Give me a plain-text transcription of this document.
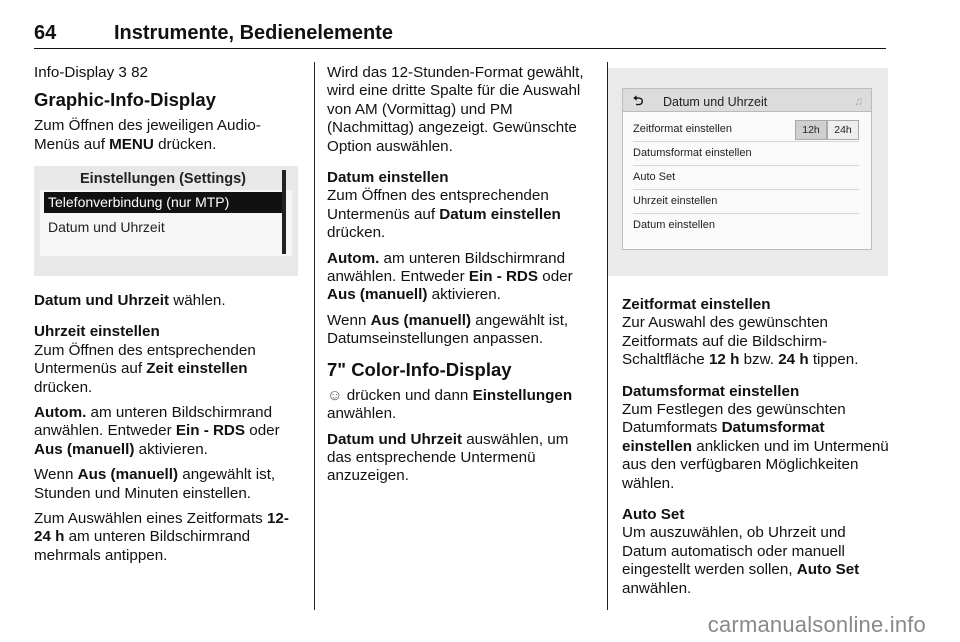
64	Instrumente, Bedienelemente

Info-Display 3 82

Graphic-Info-Display

Zum Öffnen des jeweiligen Audio-Menüs auf MENU drücken.

Einstellungen (Settings)
Telefonverbindung (nur MTP)
Datum und Uhrzeit

Datum und Uhrzeit wählen.

Uhrzeit einstellen

Zum Öffnen des entsprechenden Untermenüs auf Zeit einstellen drücken.

Autom. am unteren Bildschirmrand anwählen. Entweder Ein - RDS oder Aus (manuell) aktivieren.

Wenn Aus (manuell) angewählt ist, Stunden und Minuten einstellen.

Zum Auswählen eines Zeitformats 12-24 h am unteren Bildschirmrand mehrmals antippen.

Wird das 12-Stunden-Format gewählt, wird eine dritte Spalte für die Auswahl von AM (Vormittag) und PM (Nachmittag) angezeigt. Gewünschte Option auswählen.

Datum einstellen

Zum Öffnen des entsprechenden Untermenüs auf Datum einstellen drücken.

Autom. am unteren Bildschirmrand anwählen. Entweder Ein - RDS oder Aus (manuell) aktivieren.

Wenn Aus (manuell) angewählt ist, Datumseinstellungen anpassen.

7" Color-Info-Display

☺ drücken und dann Einstellungen anwählen.

Datum und Uhrzeit auswählen, um das entsprechende Untermenü anzuzeigen.

⮌ Datum und Uhrzeit	♫
Zeitformat einstellen	12h	24h
Datumsformat einstellen
Auto Set
Uhrzeit einstellen
Datum einstellen
Zeitformat einstellen

Zur Auswahl des gewünschten Zeitformats auf die Bildschirm-Schaltfläche 12 h bzw. 24 h tippen.

Datumsformat einstellen

Zum Festlegen des gewünschten Datumformats Datumsformat einstellen anklicken und im Untermenü aus den verfügbaren Möglichkeiten wählen.

Auto Set

Um auszuwählen, ob Uhrzeit und Datum automatisch oder manuell eingestellt werden sollen, Auto Set anwählen.

carmanualsonline.info
